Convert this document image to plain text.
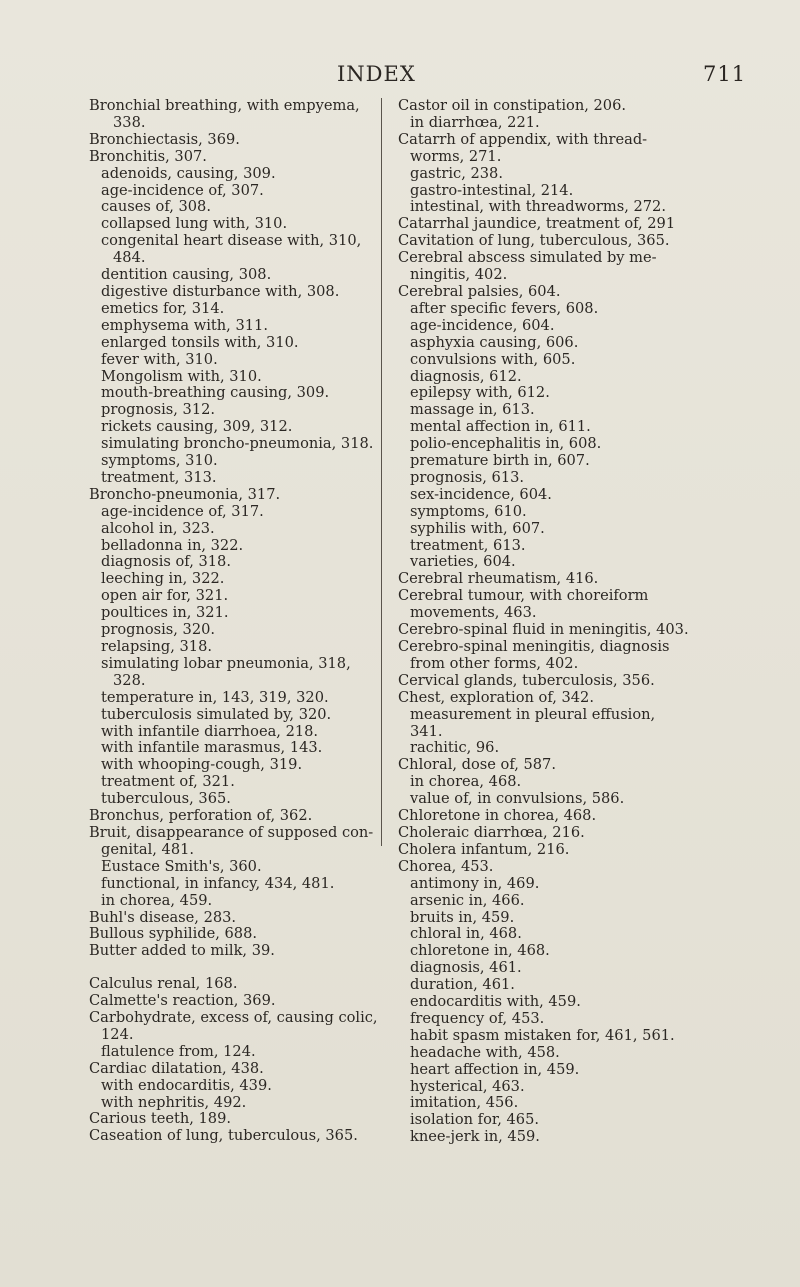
INDEX	711
Bronchial breathing, with empyema,
338.
Bronchiectasis, 369.
Bronchitis, 307.
adenoids, causing, 309.
age-incidence of, 307.
causes of, 308.
collapsed lung with, 310.
congenital heart disease with, 310,
484.
dentition causing, 308.
digestive disturbance with, 308.
emetics for, 314.
emphysema with, 311.
enlarged tonsils with, 310.
fever with, 310.
Mongolism with, 310.
mouth-breathing causing, 309.
prognosis, 312.
rickets causing, 309, 312.
simulating broncho-pneumonia, 318.
symptoms, 310.
treatment, 313.
Broncho-pneumonia, 317.
age-incidence of, 317.
alcohol in, 323.
belladonna in, 322.
diagnosis of, 318.
leeching in, 322.
open air for, 321.
poultices in, 321.
prognosis, 320.
relapsing, 318.
simulating lobar pneumonia, 318,
328.
temperature in, 143, 319, 320.
tuberculosis simulated by, 320.
with infantile diarrhoea, 218.
with infantile marasmus, 143.
with whooping-cough, 319.
treatment of, 321.
tuberculous, 365.
Bronchus, perforation of, 362.
Bruit, disappearance of supposed con-
genital, 481.
Eustace Smith's, 360.
functional, in infancy, 434, 481.
in chorea, 459.
Buhl's disease, 283.
Bullous syphilide, 688.
Butter added to milk, 39.
Calculus renal, 168.
Calmette's reaction, 369.
Carbohydrate, excess of, causing colic,
124.
flatulence from, 124.
Cardiac dilatation, 438.
with endocarditis, 439.
with nephritis, 492.
Carious teeth, 189.
Caseation of lung, tuberculous, 365.
Castor oil in constipation, 206.
in diarrhœa, 221.
Catarrh of appendix, with thread-
worms, 271.
gastric, 238.
gastro-intestinal, 214.
intestinal, with threadworms, 272.
Catarrhal jaundice, treatment of, 291
Cavitation of lung, tuberculous, 365.
Cerebral abscess simulated by me-
ningitis, 402.
Cerebral palsies, 604.
after specific fevers, 608.
age-incidence, 604.
asphyxia causing, 606.
convulsions with, 605.
diagnosis, 612.
epilepsy with, 612.
massage in, 613.
mental affection in, 611.
polio-encephalitis in, 608.
premature birth in, 607.
prognosis, 613.
sex-incidence, 604.
symptoms, 610.
syphilis with, 607.
treatment, 613.
varieties, 604.
Cerebral rheumatism, 416.
Cerebral tumour, with choreiform
movements, 463.
Cerebro-spinal fluid in meningitis, 403.
Cerebro-spinal meningitis, diagnosis
from other forms, 402.
Cervical glands, tuberculosis, 356.
Chest, exploration of, 342.
measurement in pleural effusion,
341.
rachitic, 96.
Chloral, dose of, 587.
in chorea, 468.
value of, in convulsions, 586.
Chloretone in chorea, 468.
Choleraic diarrhœa, 216.
Cholera infantum, 216.
Chorea, 453.
antimony in, 469.
arsenic in, 466.
bruits in, 459.
chloral in, 468.
chloretone in, 468.
diagnosis, 461.
duration, 461.
endocarditis with, 459.
frequency of, 453.
habit spasm mistaken for, 461, 561.
headache with, 458.
heart affection in, 459.
hysterical, 463.
imitation, 456.
isolation for, 465.
knee-jerk in, 459.
